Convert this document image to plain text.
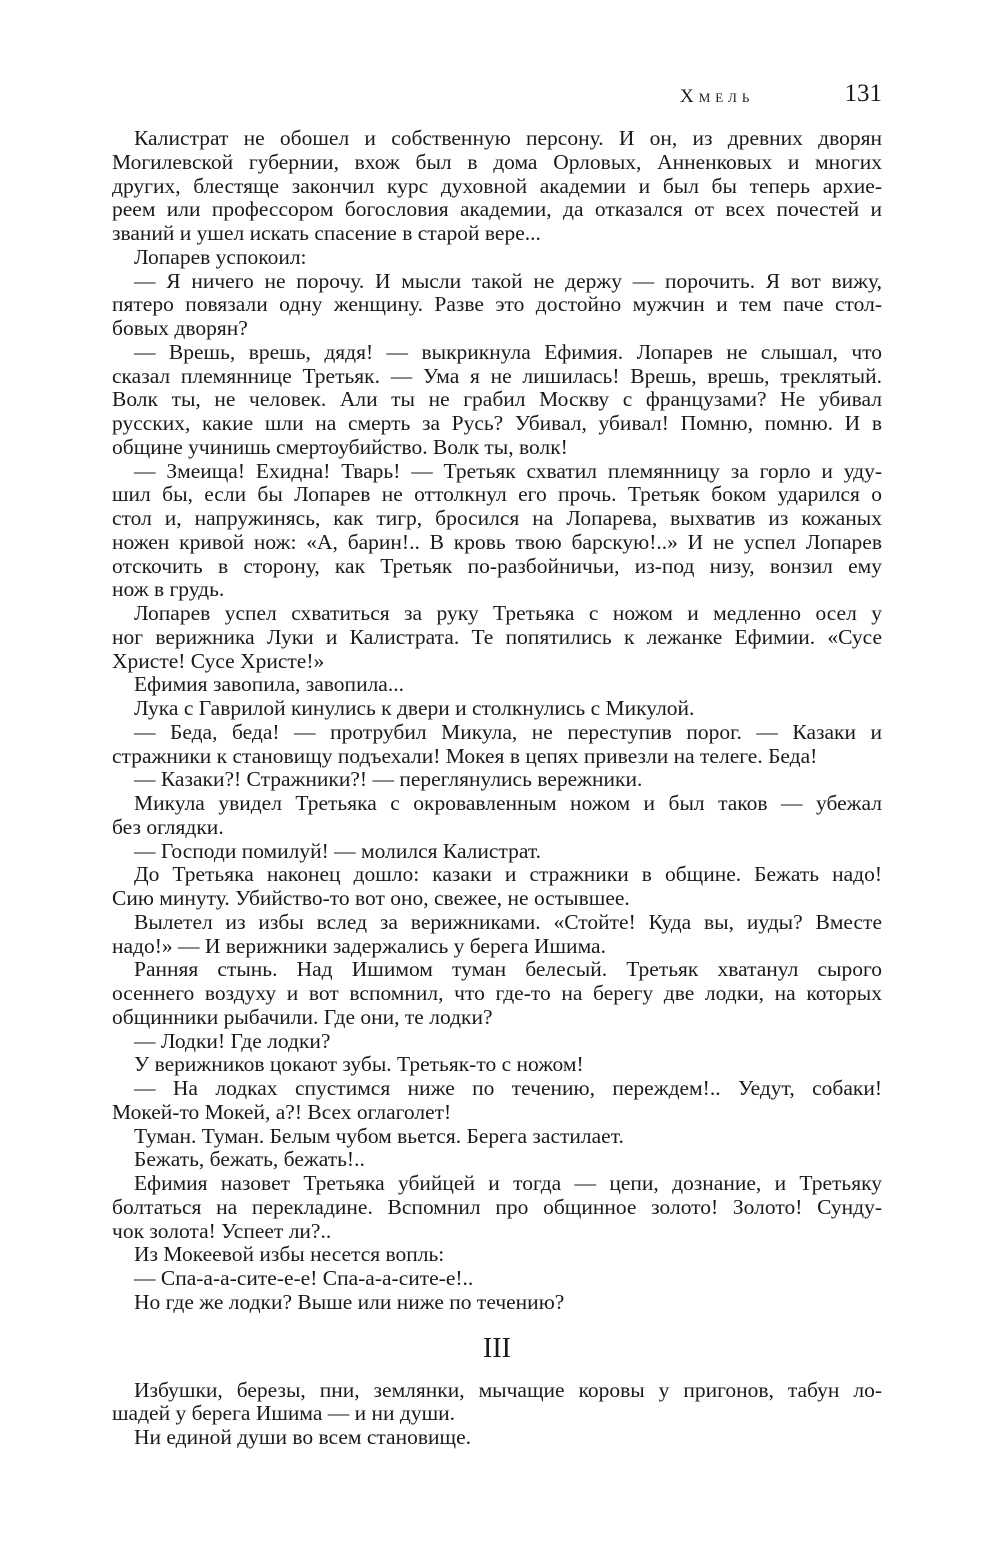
Хмель	131
Калистрат не обошел и собственную персону. И он, из древних дворян
Могилевской губернии, вхож был в дома Орловых, Анненковых и многих
других, блестяще закончил курс духовной академии и был бы теперь архие-
реем или профессором богословия академии, да отказался от всех почестей и
званий и ушел искать спасение в старой вере...
Лопарев успокоил:
— Я ничего не порочу. И мысли такой не держу — порочить. Я вот вижу,
пятеро повязали одну женщину. Разве это достойно мужчин и тем паче стол-
бовых дворян?
— Врешь, врешь, дядя! — выкрикнула Ефимия. Лопарев не слышал, что
сказал племяннице Третьяк. — Ума я не лишилась! Врешь, врешь, треклятый.
Волк ты, не человек. Али ты не грабил Москву с французами? Не убивал
русских, какие шли на смерть за Русь? Убивал, убивал! Помню, помню. И в
общине учинишь смертоубийство. Волк ты, волк!
— Змеища! Ехидна! Тварь! — Третьяк схватил племянницу за горло и уду-
шил бы, если бы Лопарев не оттолкнул его прочь. Третьяк боком ударился о
стол и, напружинясь, как тигр, бросился на Лопарева, выхватив из кожаных
ножен кривой нож: «А, барин!.. В кровь твою барскую!..» И не успел Лопарев
отскочить в сторону, как Третьяк по-разбойничьи, из-под низу, вонзил ему
нож в грудь.
Лопарев успел схватиться за руку Третьяка с ножом и медленно осел у
ног верижника Луки и Калистрата. Те попятились к лежанке Ефимии. «Сусе
Христе! Сусе Христе!»
Ефимия завопила, завопила...
Лука с Гаврилой кинулись к двери и столкнулись с Микулой.
— Беда, беда! — протрубил Микула, не переступив порог. — Казаки и
стражники к становищу подъехали! Мокея в цепях привезли на телеге. Беда!
— Казаки?! Стражники?! — переглянулись вережники.
Микула увидел Третьяка с окровавленным ножом и был таков — убежал
без оглядки.
— Господи помилуй! — молился Калистрат.
До Третьяка наконец дошло: казаки и стражники в общине. Бежать надо!
Сию минуту. Убийство-то вот оно, свежее, не остывшее.
Вылетел из избы вслед за верижниками. «Стойте! Куда вы, иуды? Вместе
надо!» — И верижники задержались у берега Ишима.
Ранняя стынь. Над Ишимом туман белесый. Третьяк хватанул сырого
осеннего воздуху и вот вспомнил, что где-то на берегу две лодки, на которых
общинники рыбачили. Где они, те лодки?
— Лодки! Где лодки?
У верижников цокают зубы. Третьяк-то с ножом!
— На лодках спустимся ниже по течению, переждем!.. Уедут, собаки!
Мокей-то Мокей, а?! Всех оглаголет!
Туман. Туман. Белым чубом вьется. Берега застилает.
Бежать, бежать, бежать!..
Ефимия назовет Третьяка убийцей и тогда — цепи, дознание, и Третьяку
болтаться на перекладине. Вспомнил про общинное золото! Золото! Сунду-
чок золота! Успеет ли?..
Из Мокеевой избы несется вопль:
— Спа-а-а-сите-е-е! Спа-а-а-сите-е!..
Но где же лодки? Выше или ниже по течению?
III
Избушки, березы, пни, землянки, мычащие коровы у пригонов, табун ло-
шадей у берега Ишима — и ни души.
Ни единой души во всем становище.
